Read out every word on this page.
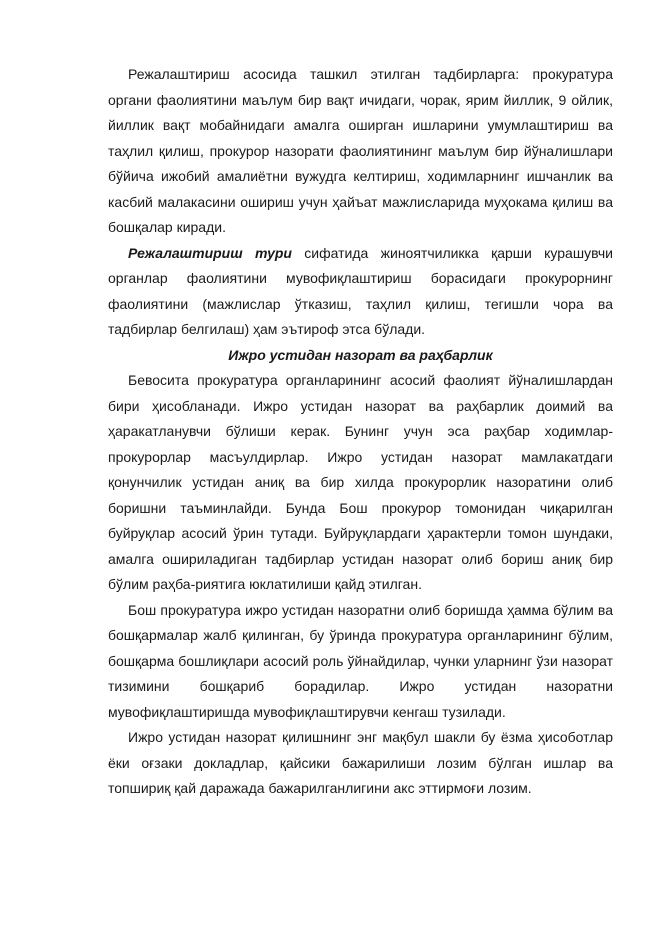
Режалаштириш асосида ташкил этилган тадбирларга: прокуратура органи фаолиятини маълум бир вақт ичидаги, чорак, ярим йиллик, 9 ойлик, йиллик вақт мобайнидаги амалга оширган ишларини умумлаштириш ва таҳлил қилиш, прокурор назорати фаолиятининг маълум бир йўналишлари бўйича ижобий амалиётни вужудга келтириш, ходимларнинг ишчанлик ва касбий малакасини ошириш учун ҳайъат мажлисларида муҳокама қилиш ва бошқалар киради.

Режалаштириш тури сифатида жиноятчиликка қарши курашувчи органлар фаолиятини мувофиқлаштириш борасидаги прокурорнинг фаолиятини (мажлислар ўтказиш, таҳлил қилиш, тегишли чора ва тадбирлар белгилаш) ҳам эътироф этса бўлади.

Ижро устидан назорат ва раҳбарлик

Бевосита прокуратура органларининг асосий фаолият йўналишлардан бири ҳисобланади. Ижро устидан назорат ва раҳбарлик доимий ва ҳаракатланувчи бўлиши керак. Бунинг учун эса раҳбар ходимлар-прокурорлар масъулдирлар. Ижро устидан назорат мамлакатдаги қонунчилик устидан аниқ ва бир хилда прокурорлик назоратини олиб боришни таъминлайди. Бунда Бош прокурор томонидан чиқарилган буйруқлар асосий ўрин тутади. Буйруқлардаги ҳарактерли томон шундаки, амалга ошириладиган тадбирлар устидан назорат олиб бориш аниқ бир бўлим раҳба-риятига юклатилиши қайд этилган.

Бош прокуратура ижро устидан назоратни олиб боришда ҳамма бўлим ва бошқармалар жалб қилинган, бу ўринда прокуратура органларининг бўлим, бошқарма бошлиқлари асосий роль ўйнайдилар, чунки уларнинг ўзи назорат тизимини бошқариб борадилар. Ижро устидан назоратни мувофиқлаштиришда мувофиқлаштирувчи кенгаш тузилади.

Ижро устидан назорат қилишнинг энг мақбул шакли бу ёзма ҳисоботлар ёки оғзаки докладлар, қайсики бажарилиши лозим бўлган ишлар ва топшириқ қай даражада бажарилганлигини акс эттирмоғи лозим.
